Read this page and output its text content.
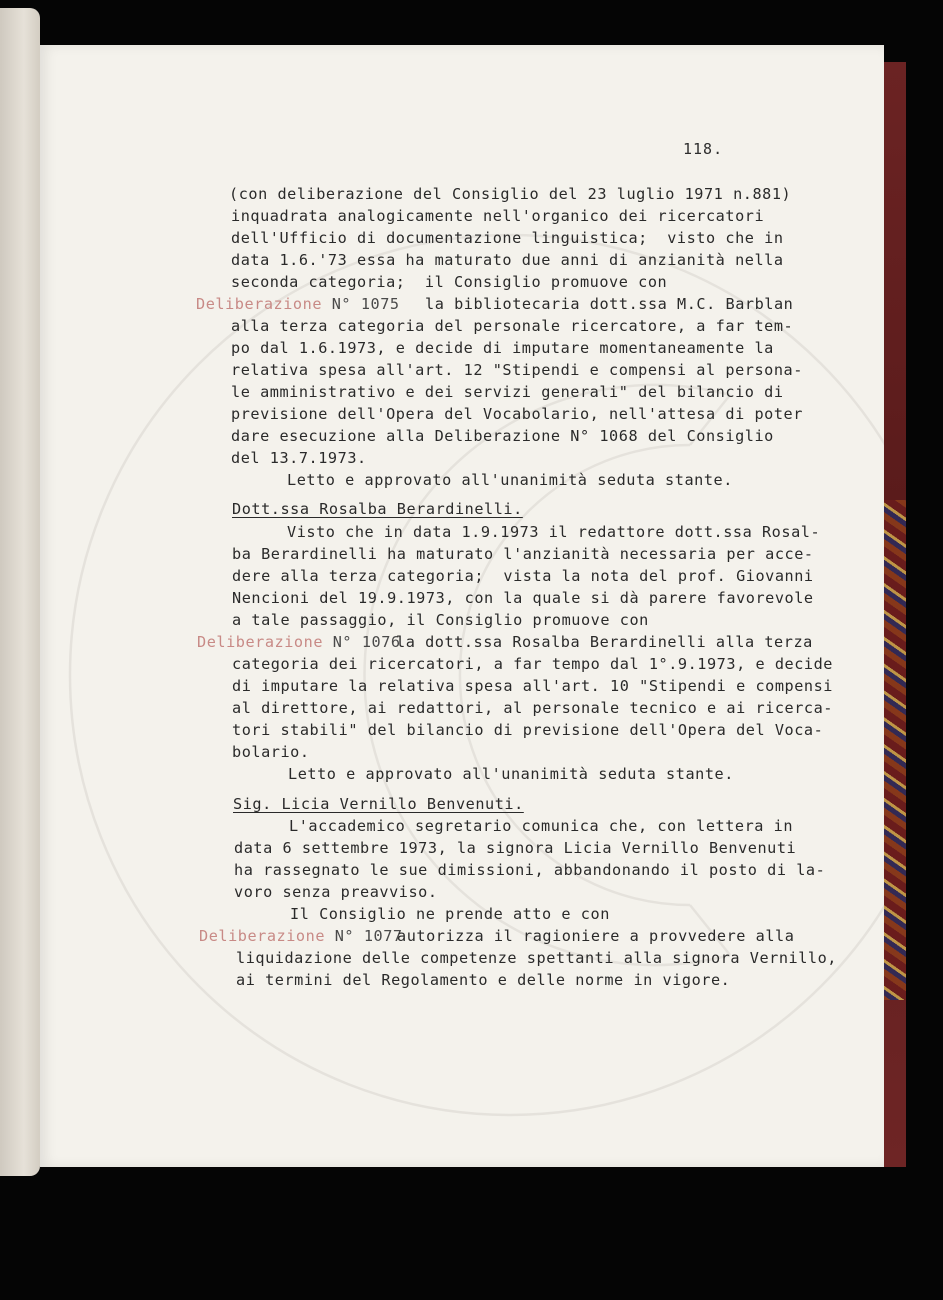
118.
(con deliberazione del Consiglio del 23 luglio 1971 n.881)
inquadrata analogicamente nell'organico dei ricercatori
dell'Ufficio di documentazione linguistica;  visto che in
data 1.6.'73 essa ha maturato due anni di anzianità nella
seconda categoria;  il Consiglio promuove con
Deliberazione N° 1075 la bibliotecaria dott.ssa M.C. Barblan
alla terza categoria del personale ricercatore, a far tem-
po dal 1.6.1973, e decide di imputare momentaneamente la
relativa spesa all'art. 12 "Stipendi e compensi al persona-
le amministrativo e dei servizi generali" del bilancio di
previsione dell'Opera del Vocabolario, nell'attesa di poter
dare esecuzione alla Deliberazione N° 1068 del Consiglio
del 13.7.1973.
Letto e approvato all'unanimità seduta stante.
Dott.ssa Rosalba Berardinelli.
Visto che in data 1.9.1973 il redattore dott.ssa Rosal-
ba Berardinelli ha maturato l'anzianità necessaria per acce-
dere alla terza categoria;  vista la nota del prof. Giovanni
Nencioni del 19.9.1973, con la quale si dà parere favorevole
a tale passaggio, il Consiglio promuove con
Deliberazione N° 1076
la dott.ssa Rosalba Berardinelli alla terza
categoria dei ricercatori, a far tempo dal 1°.9.1973, e decide
di imputare la relativa spesa all'art. 10 "Stipendi e compensi
al direttore, ai redattori, al personale tecnico e ai ricerca-
tori stabili" del bilancio di previsione dell'Opera del Voca-
bolario.
Letto e approvato all'unanimità seduta stante.
Sig. Licia Vernillo Benvenuti.
L'accademico segretario comunica che, con lettera in
data 6 settembre 1973, la signora Licia Vernillo Benvenuti
ha rassegnato le sue dimissioni, abbandonando il posto di la-
voro senza preavviso.
Il Consiglio ne prende atto e con
Deliberazione N° 1077
autorizza il ragioniere a provvedere alla
liquidazione delle competenze spettanti alla signora Vernillo,
ai termini del Regolamento e delle norme in vigore.
